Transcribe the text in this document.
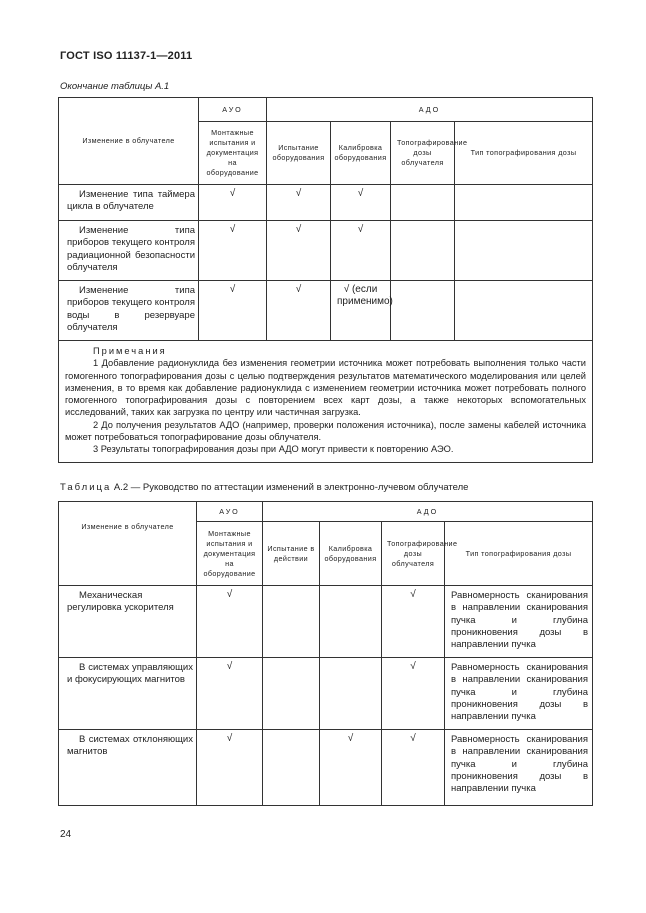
ГОСТ ISO 11137-1—2011
Окончание таблицы А.1
Изменение в облучателе	АУО	АДО			
	Монтажные испытания и документация на оборудование	Испытание оборудования	Калибровка оборудования	Топографирование дозы облучателя	Тип топографирования дозы
Изменение типа таймера цикла в облучателе	√	√	√		
Изменение типа приборов текущего контроля радиационной безопасности облучателя	√	√	√		
Изменение типа приборов текущего контроля воды в резервуаре облучателя	√	√	√ (если применимо)		

Примечания

1 Добавление радионуклида без изменения геометрии источника может потребовать выполнения только части гомогенного топографирования дозы с целью подтверждения результатов математического моделирования или целей изменения, в то время как добавление радионуклида с изменением геометрии источника может потребовать полного гомогенного топографирования дозы с повторением всех карт дозы, а также некоторых вспомогательных исследований, таких как загрузка по центру или частичная загрузка.

2 До получения результатов АДО (например, проверки положения источника), после замены кабелей источника может потребоваться топографирование дозы облучателя.

3 Результаты топографирования дозы при АДО могут привести к повторению АЭО.					

Таблица А.2 — Руководство по аттестации изменений в электронно-лучевом облучателе
Изменение в облучателе	АУО	АДО			
	Монтажные испытания и документация на оборудование	Испытание в действии	Калибровка оборудования	Топографирование дозы облучателя	Тип топографирования дозы
Механическая регулировка ускорителя	√			√	Равномерность сканирования в направлении сканирования пучка и глубина проникновения дозы в направлении пучка
В системах управляющих и фокусирующих магнитов	√			√	Равномерность сканирования в направлении сканирования пучка и глубина проникновения дозы в направлении пучка
В системах отклоняющих магнитов	√		√	√	Равномерность сканирования в направлении сканирования пучка и глубина проникновения дозы в направлении пучка
24
